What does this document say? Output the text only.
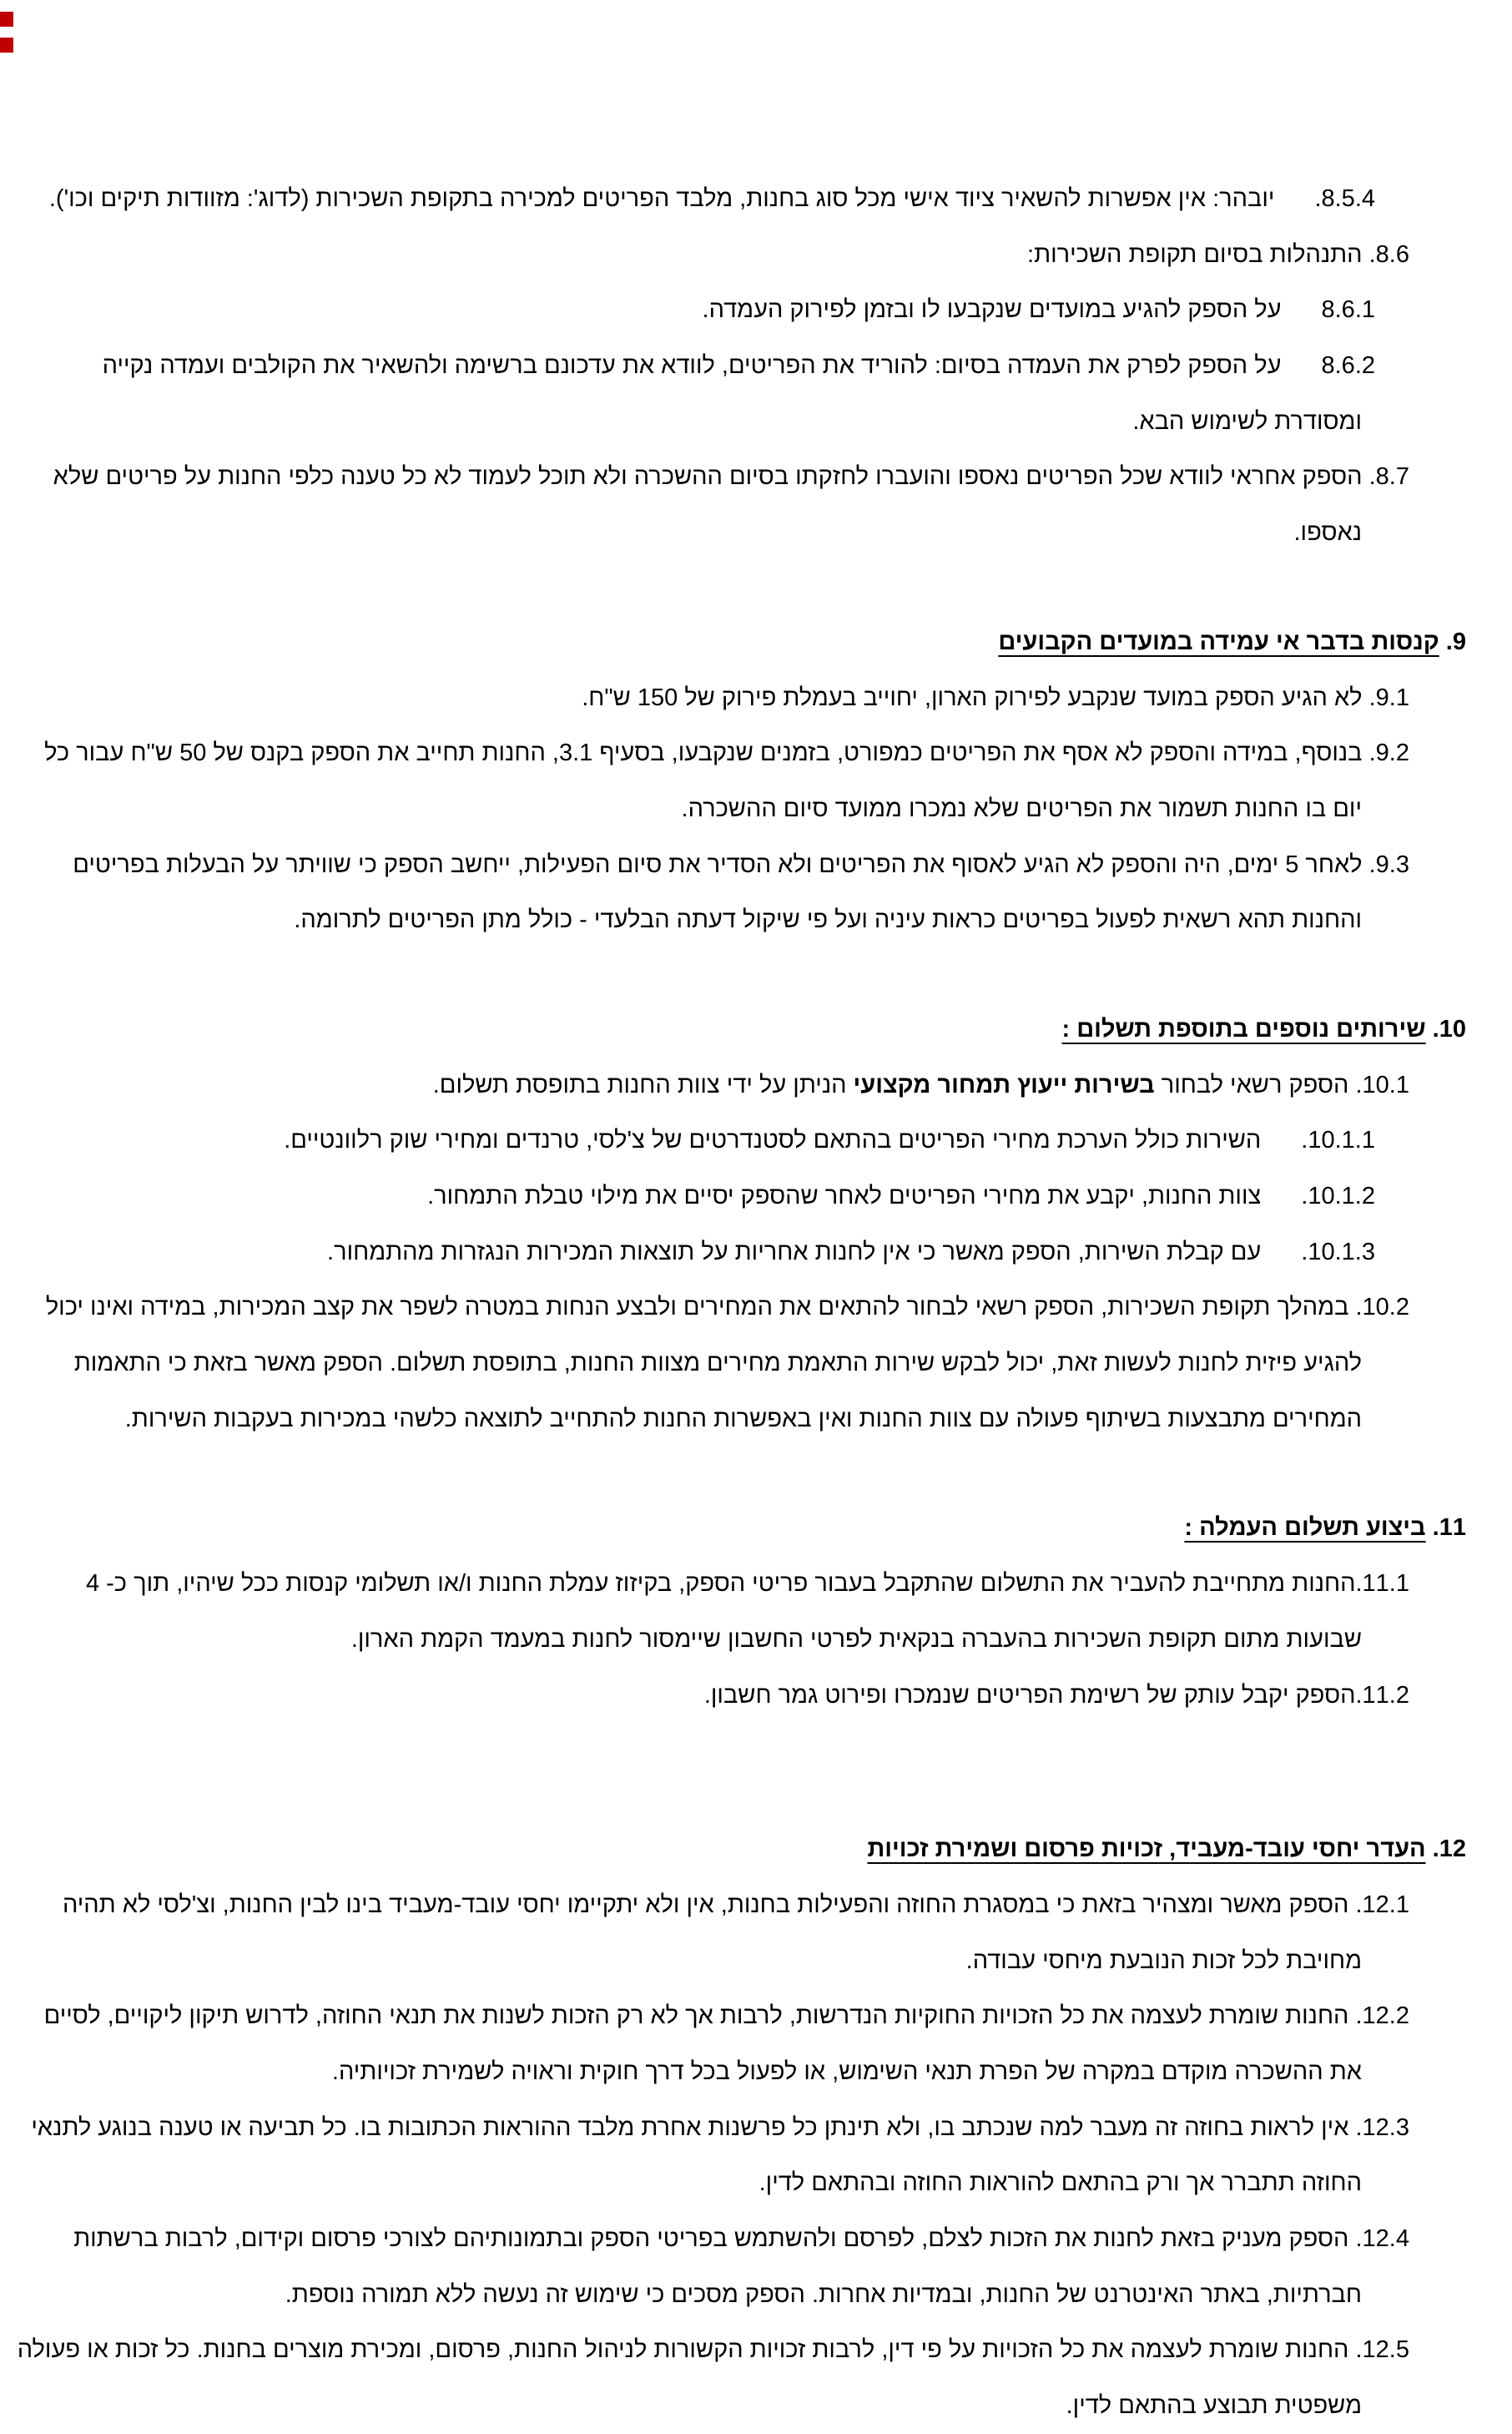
8.5.4.יובהר: אין אפשרות להשאיר ציוד אישי מכל סוג בחנות, מלבד הפריטים למכירה בתקופת השכירות (לדוג': מזוודות תיקים וכו').

8.6. התנהלות בסיום תקופת השכירות:

8.6.1על הספק להגיע במועדים שנקבעו לו ובזמן לפירוק העמדה.

8.6.2על הספק לפרק את העמדה בסיום: להוריד את הפריטים, לוודא את עדכונם ברשימה ולהשאיר את הקולבים ועמדה נקייה ומסודרת לשימוש הבא.

8.7. הספק אחראי לוודא שכל הפריטים נאספו והועברו לחזקתו בסיום ההשכרה ולא תוכל לעמוד לא כל טענה כלפי החנות על פריטים שלא נאספו.

9. קנסות בדבר אי עמידה במועדים הקבועים

9.1. לא הגיע הספק במועד שנקבע לפירוק הארון, יחוייב בעמלת פירוק של 150 ש"ח.

9.2. בנוסף, במידה והספק לא אסף את הפריטים כמפורט, בזמנים שנקבעו, בסעיף 3.1, החנות תחייב את הספק בקנס של 50 ש"ח עבור כל יום בו החנות תשמור את הפריטים שלא נמכרו ממועד סיום ההשכרה.

9.3. לאחר 5 ימים, היה והספק לא הגיע לאסוף את הפריטים ולא הסדיר את סיום הפעילות, ייחשב הספק כי שוויתר על הבעלות בפריטים והחנות תהא רשאית לפעול בפריטים כראות עיניה ועל פי שיקול דעתה הבלעדי - כולל מתן הפריטים לתרומה.

10. שירותים נוספים בתוספת תשלום :

10.1. הספק רשאי לבחור בשירות ייעוץ תמחור מקצועי הניתן על ידי צוות החנות בתופסת תשלום.

10.1.1.השירות כולל הערכת מחירי הפריטים בהתאם לסטנדרטים של צ'לסי, טרנדים ומחירי שוק רלוונטיים.

10.1.2.צוות החנות, יקבע את מחירי הפריטים לאחר שהספק יסיים את מילוי טבלת התמחור.

10.1.3.עם קבלת השירות, הספק מאשר כי אין לחנות אחריות על תוצאות המכירות הנגזרות מהתמחור.

10.2. במהלך תקופת השכירות, הספק רשאי לבחור להתאים את המחירים ולבצע הנחות במטרה לשפר את קצב המכירות, במידה ואינו יכול להגיע פיזית לחנות לעשות זאת, יכול לבקש שירות התאמת מחירים מצוות החנות, בתופסת תשלום. הספק מאשר בזאת כי התאמות המחירים מתבצעות בשיתוף פעולה עם צוות החנות ואין באפשרות החנות להתחייב לתוצאה כלשהי במכירות בעקבות השירות.

11. ביצוע תשלום העמלה :

11.1.החנות מתחייבת להעביר את התשלום שהתקבל בעבור פריטי הספק, בקיזוז עמלת החנות ו/או תשלומי קנסות ככל שיהיו, תוך כ- 4 שבועות מתום תקופת השכירות בהעברה בנקאית לפרטי החשבון שיימסור לחנות במעמד הקמת הארון.

11.2.הספק יקבל עותק של רשימת הפריטים שנמכרו ופירוט גמר חשבון.

12. העדר יחסי עובד-מעביד, זכויות פרסום ושמירת זכויות

12.1. הספק מאשר ומצהיר בזאת כי במסגרת החוזה והפעילות בחנות, אין ולא יתקיימו יחסי עובד-מעביד בינו לבין החנות, וצ'לסי לא תהיה מחויבת לכל זכות הנובעת מיחסי עבודה.

12.2. החנות שומרת לעצמה את כל הזכויות החוקיות הנדרשות, לרבות אך לא רק הזכות לשנות את תנאי החוזה, לדרוש תיקון ליקויים, לסיים את ההשכרה מוקדם במקרה של הפרת תנאי השימוש, או לפעול בכל דרך חוקית וראויה לשמירת זכויותיה.

12.3. אין לראות בחוזה זה מעבר למה שנכתב בו, ולא תינתן כל פרשנות אחרת מלבד ההוראות הכתובות בו. כל תביעה או טענה בנוגע לתנאי החוזה תתברר אך ורק בהתאם להוראות החוזה ובהתאם לדין.

12.4. הספק מעניק בזאת לחנות את הזכות לצלם, לפרסם ולהשתמש בפריטי הספק ובתמונותיהם לצורכי פרסום וקידום, לרבות ברשתות חברתיות, באתר האינטרנט של החנות, ובמדיות אחרות. הספק מסכים כי שימוש זה נעשה ללא תמורה נוספת.

12.5. החנות שומרת לעצמה את כל הזכויות על פי דין, לרבות זכויות הקשורות לניהול החנות, פרסום, ומכירת מוצרים בחנות. כל זכות או פעולה משפטית תבוצע בהתאם לדין.
